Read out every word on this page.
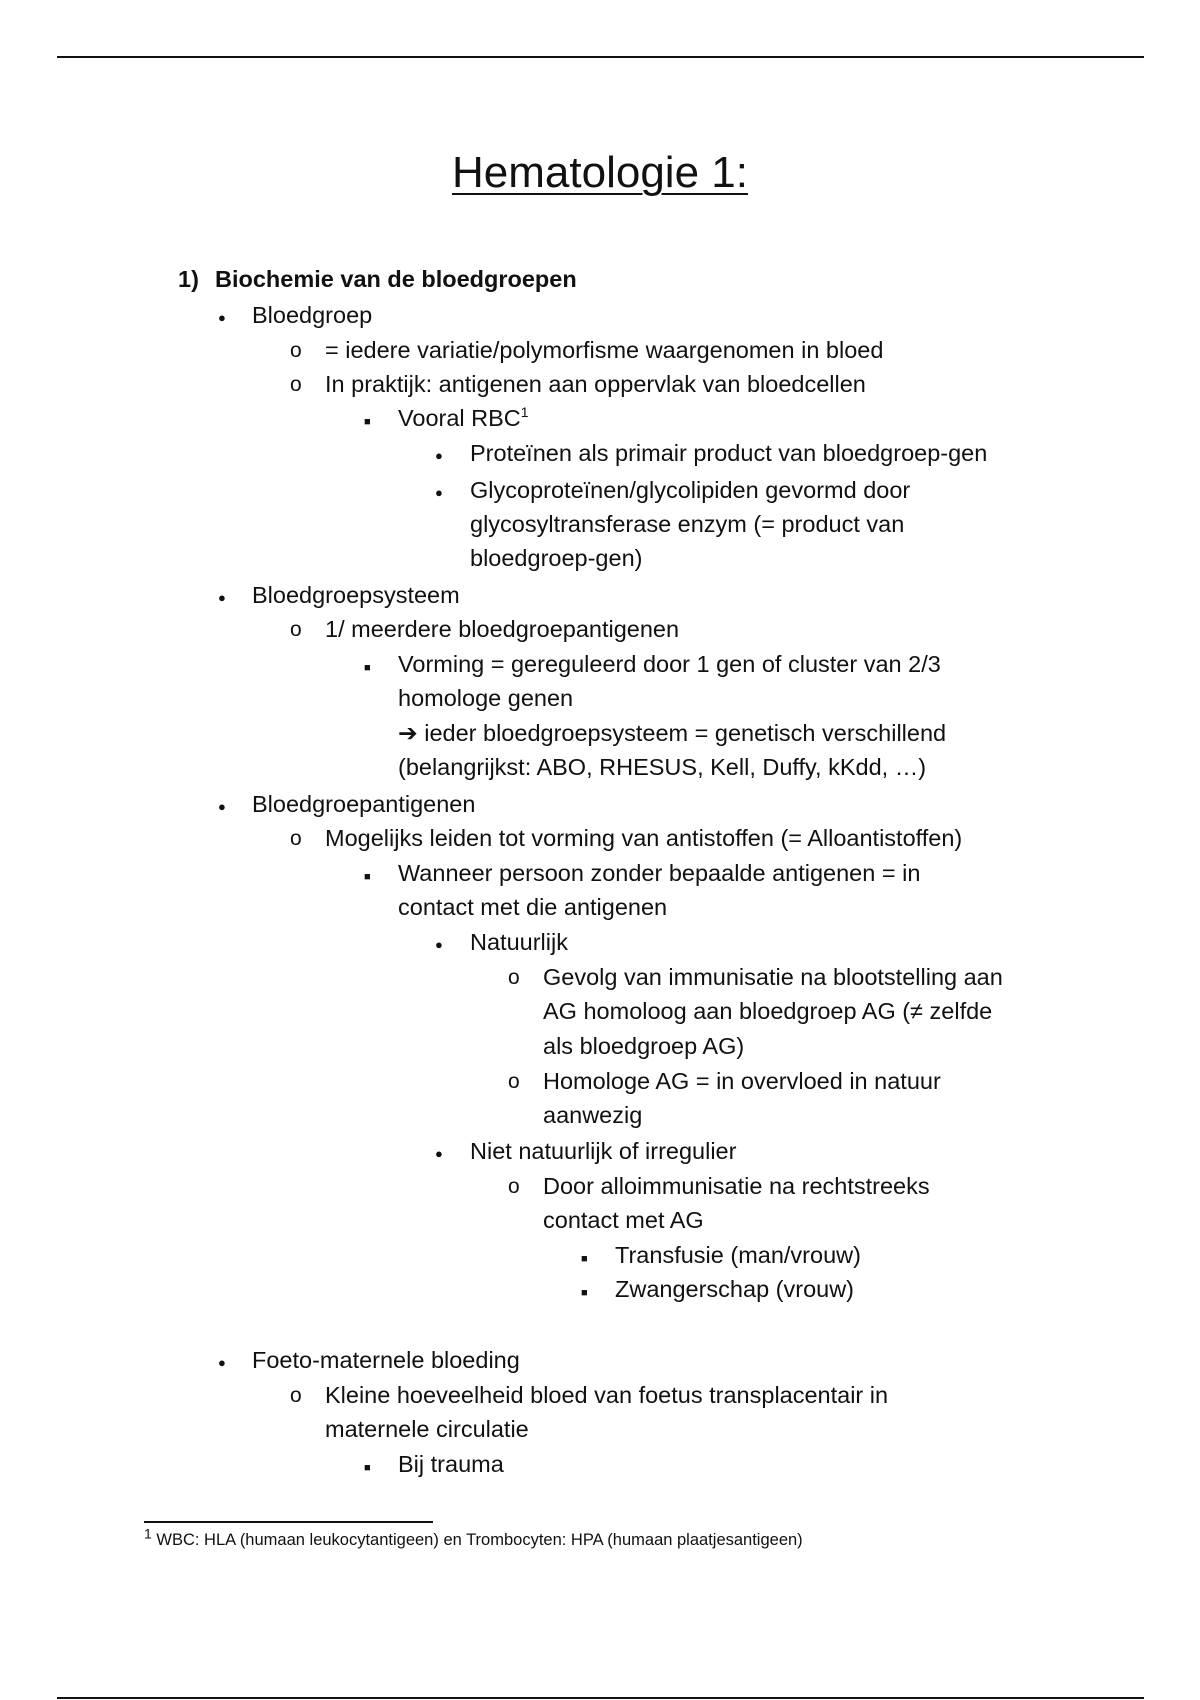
Hematologie 1:
1) Biochemie van de bloedgroepen
●
Bloedgroep
o
= iedere variatie/polymorfisme waargenomen in bloed
o
In praktijk: antigenen aan oppervlak van bloedcellen
■
Vooral RBC$^1$
●
Proteïnen als primair product van bloedgroep-gen
●
Glycoproteïnen/glycolipiden gevormd door
glycosyltransferase enzym (= product van
bloedgroep-gen)
●
Bloedgroepsysteem
o
1/ meerdere bloedgroepantigenen
■
Vorming = gereguleerd door 1 gen of cluster van 2/3
homologe genen
➔ ieder bloedgroepsysteem = genetisch verschillend
(belangrijkst: ABO, RHESUS, Kell, Duffy, kKdd, …)
●
Bloedgroepantigenen
o
Mogelijks leiden tot vorming van antistoffen (= Alloantistoffen)
■
Wanneer persoon zonder bepaalde antigenen = in
contact met die antigenen
●
Natuurlijk
o
Gevolg van immunisatie na blootstelling aan
AG homoloog aan bloedgroep AG (≠ zelfde
als bloedgroep AG)
o
Homologe AG = in overvloed in natuur
aanwezig
●
Niet natuurlijk of irregulier
o
Door alloimmunisatie na rechtstreeks
contact met AG
■
Transfusie (man/vrouw)
■
Zwangerschap (vrouw)
●
Foeto-maternele bloeding
o
Kleine hoeveelheid bloed van foetus transplacentair in
maternele circulatie
■
Bij trauma
$^1$ WBC: HLA (humaan leukocytantigeen) en Trombocyten: HPA (humaan plaatjesantigeen)
